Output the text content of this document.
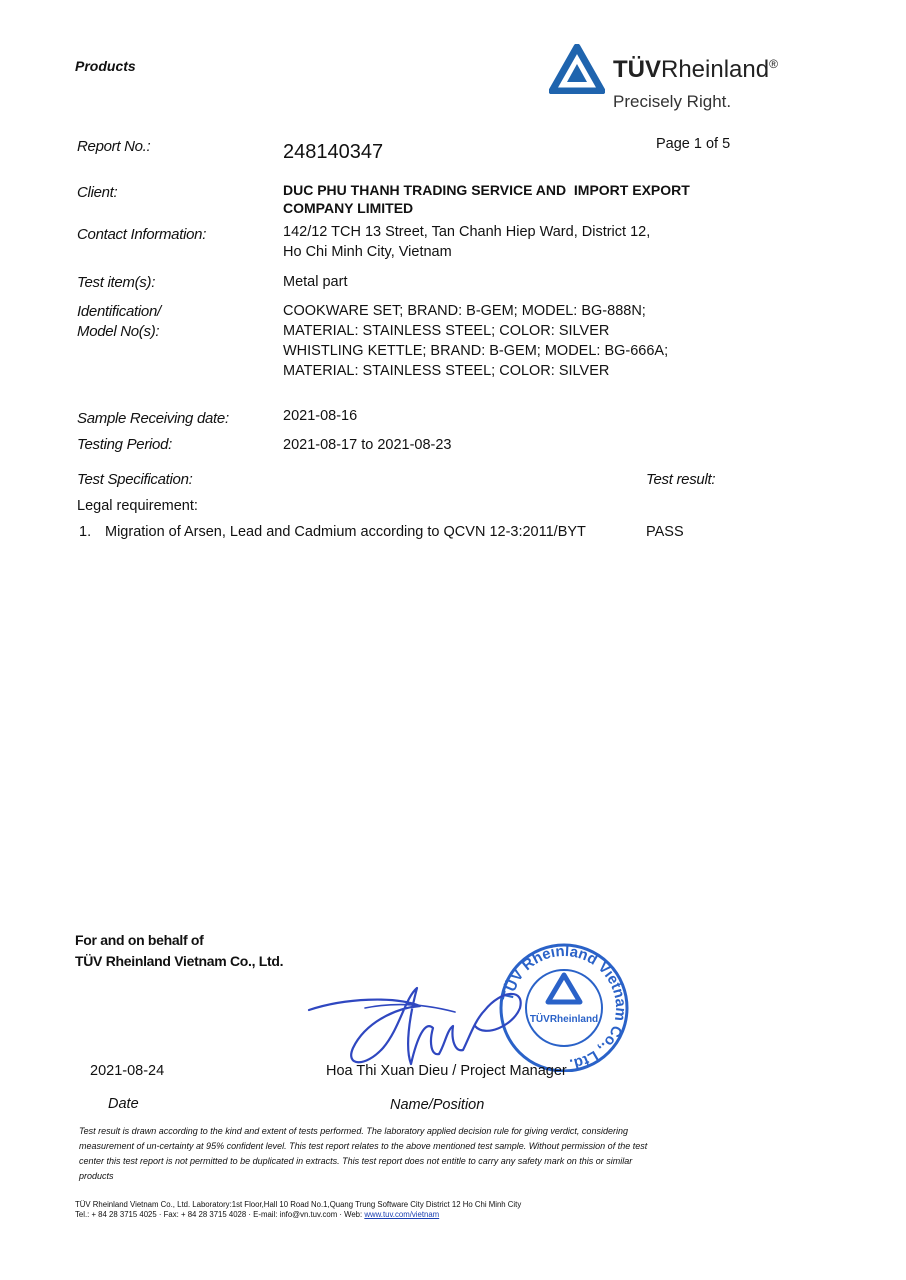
Products	TÜVRheinland®
Precisely Right.
Page 1 of 5
Report No.:	248140347
Client:	DUC PHU THANH TRADING SERVICE AND  IMPORT EXPORT
COMPANY LIMITED
Contact Information:	142/12 TCH 13 Street, Tan Chanh Hiep Ward, District 12,
Ho Chi Minh City, Vietnam
Test item(s):	Metal part
Identification/
Model No(s):
COOKWARE SET; BRAND: B-GEM; MODEL: BG-888N;
MATERIAL: STAINLESS STEEL; COLOR: SILVER
WHISTLING KETTLE; BRAND: B-GEM; MODEL: BG-666A;
MATERIAL: STAINLESS STEEL; COLOR: SILVER
Sample Receiving date:	2021-08-16
Testing Period:	2021-08-17 to 2021-08-23
Test Specification:	Test result:
Legal requirement:
1. Migration of Arsen, Lead and Cadmium according to QCVN 12-3:2011/BYT	PASS
For and on behalf of
TÜV Rheinland Vietnam Co., Ltd.
TÜV Rheinland Vietnam Co., Ltd.
TÜVRheinland
2021-08-24	Hoa Thi Xuan Dieu / Project Manager
Date	Name/Position
Test result is drawn according to the kind and extent of tests performed. The laboratory applied decision rule for giving verdict, considering
measurement of un-certainty at 95% confident level. This test report relates to the above mentioned test sample. Without permission of the test
center this test report is not permitted to be duplicated in extracts. This test report does not entitle to carry any safety mark on this or similar
products
TÜV Rheinland Vietnam Co., Ltd. Laboratory:1st Floor,Hall 10 Road No.1,Quang Trung Software City District 12 Ho Chi Minh City
Tel.: + 84 28 3715 4025 · Fax: + 84 28 3715 4028 · E-mail: info@vn.tuv.com · Web: www.tuv.com/vietnam
